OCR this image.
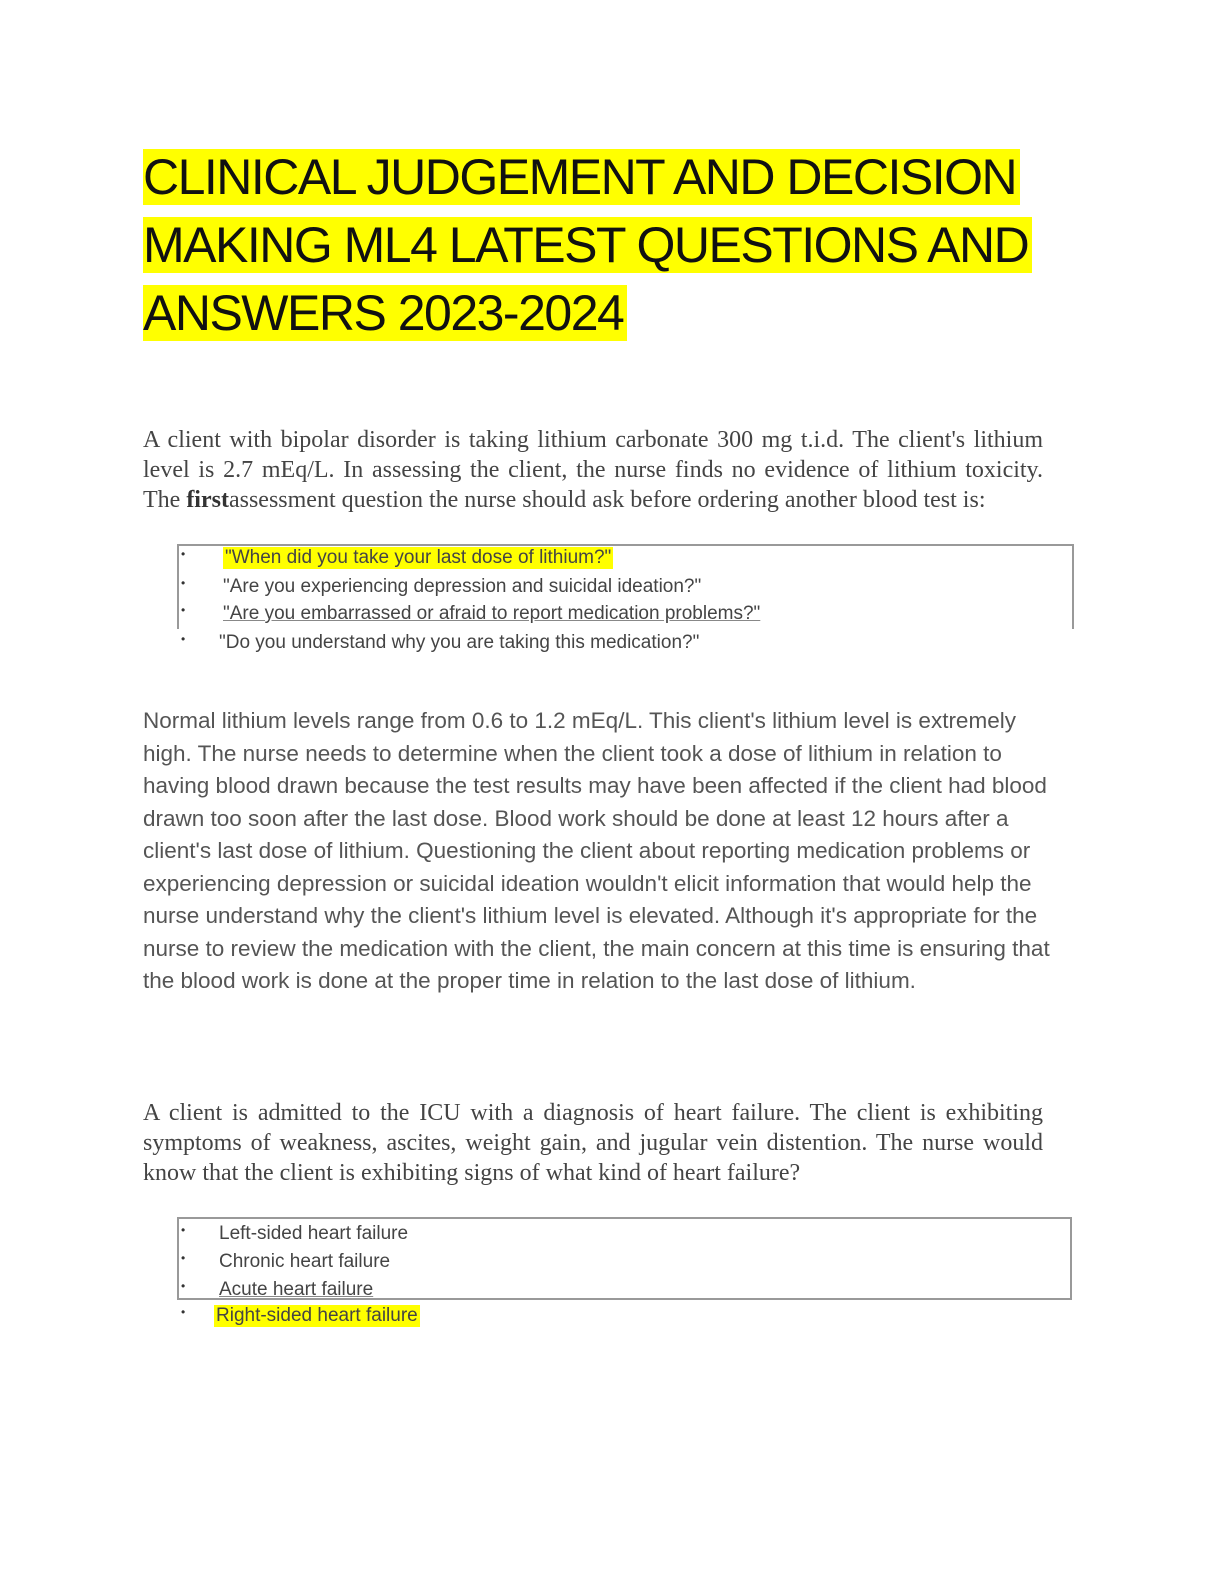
CLINICAL JUDGEMENT AND DECISION MAKING ML4 LATEST QUESTIONS AND ANSWERS 2023-2024

A client with bipolar disorder is taking lithium carbonate 300 mg t.i.d. The client's lithium level is 2.7 mEq/L. In assessing the client, the nurse finds no evidence of lithium toxicity. The firstassessment question the nurse should ask before ordering another blood test is:

• "When did you take your last dose of lithium?"
• "Are you experiencing depression and suicidal ideation?"
• "Are you embarrassed or afraid to report medication problems?"
• "Do you understand why you are taking this medication?"

Normal lithium levels range from 0.6 to 1.2 mEq/L. This client's lithium level is extremely high. The nurse needs to determine when the client took a dose of lithium in relation to having blood drawn because the test results may have been affected if the client had blood drawn too soon after the last dose. Blood work should be done at least 12 hours after a client's last dose of lithium. Questioning the client about reporting medication problems or experiencing depression or suicidal ideation wouldn't elicit information that would help the nurse understand why the client's lithium level is elevated. Although it's appropriate for the nurse to review the medication with the client, the main concern at this time is ensuring that the blood work is done at the proper time in relation to the last dose of lithium.

A client is admitted to the ICU with a diagnosis of heart failure. The client is exhibiting symptoms of weakness, ascites, weight gain, and jugular vein distention. The nurse would know that the client is exhibiting signs of what kind of heart failure?

• Left-sided heart failure
• Chronic heart failure
• Acute heart failure
• Right-sided heart failure
